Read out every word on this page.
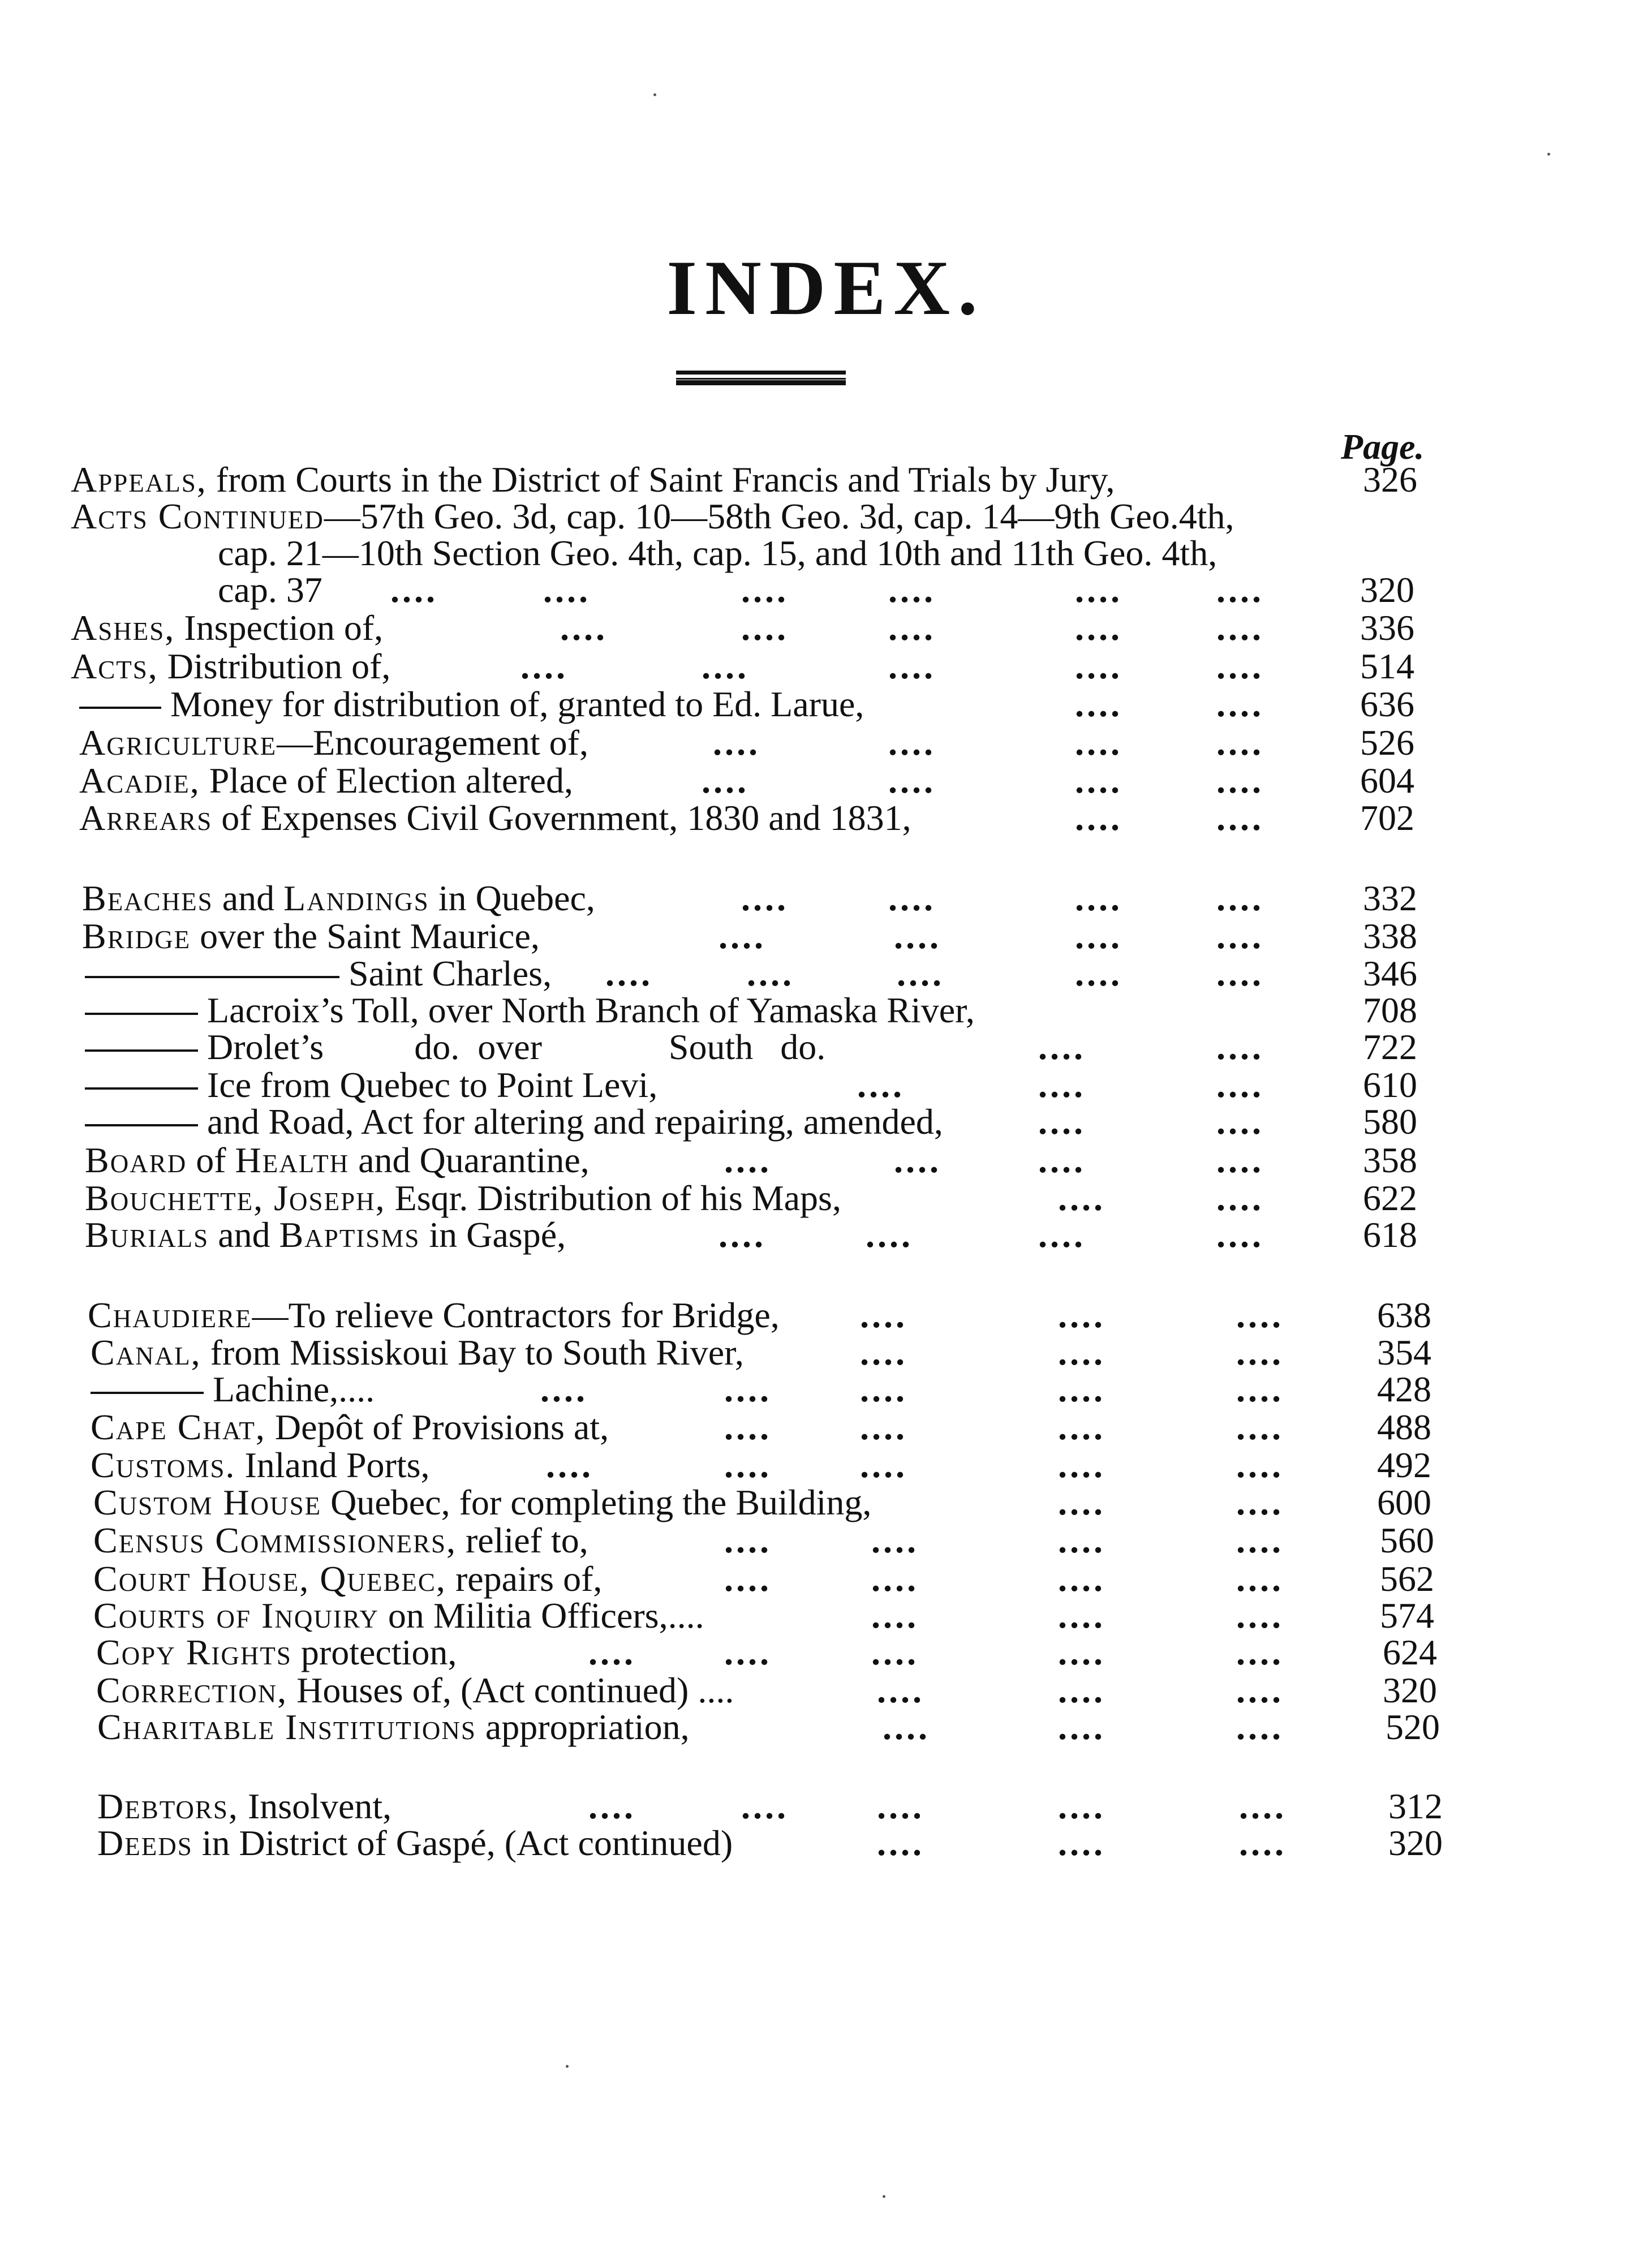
INDEX.
Page.
Appeals, from Courts in the District of Saint Francis and Trials by Jury,	326
Acts Continued—57th Geo. 3d, cap. 10—58th Geo. 3d, cap. 14—9th Geo.4th,
cap. 21—10th Section Geo. 4th, cap. 15, and 10th and 11th Geo. 4th,
cap. 37 ....	....	....	....	....	....	320
Ashes, Inspection of,	....	....	....	....	....	336
Acts, Distribution of,	....	....	....	....	....	514
Money for distribution of, granted to Ed. Larue,	....	....	636
Agriculture—Encouragement of,	....	....	....	....	526
Acadie, Place of Election altered,	....	....	....	....	604
Arrears of Expenses Civil Government, 1830 and 1831,	....	....	702
Beaches and Landings in Quebec,	....	....	....	....	332
Bridge over the Saint Maurice,	....	....	....	....	338
Saint Charles, ....	....	....	....	....	346
Lacroix’s Toll, over North Branch of Yamaska River,	708
Drolet’s          do.  over              South   do.	....	....	722
Ice from Quebec to Point Levi,	....	....	....	610
and Road, Act for altering and repairing, amended,	....	....	580
Board of Health and Quarantine,	....	....	....	....	358
Bouchette, Joseph, Esqr. Distribution of his Maps,	....	....	622
Burials and Baptisms in Gaspé,	....	....	....	....	618
Chaudiere—To relieve Contractors for Bridge, ....	....	....	638
Canal, from Missiskoui Bay to South River,	....	....	....	354
Lachine,....	....	.... ....	....	....	428
Cape Chat, Depôt of Provisions at,	.... ....	....	....	488
Customs. Inland Ports,	....	.... ....	....	....	492
Custom House Quebec, for completing the Building,	....	....	600
Census Commissioners, relief to,	....	....	....	....	560
Court House, Quebec, repairs of,	....	....	....	....	562
Courts of Inquiry on Militia Officers,....	....	....	....	574
Copy Rights protection,	.... ....	....	....	....	624
Correction, Houses of, (Act continued) ....	....	....	....	320
Charitable Institutions appropriation,	....	....	....	520
Debtors, Insolvent,	....	.... ....	....	....	312
Deeds in District of Gaspé, (Act continued)	....	....	....	320
